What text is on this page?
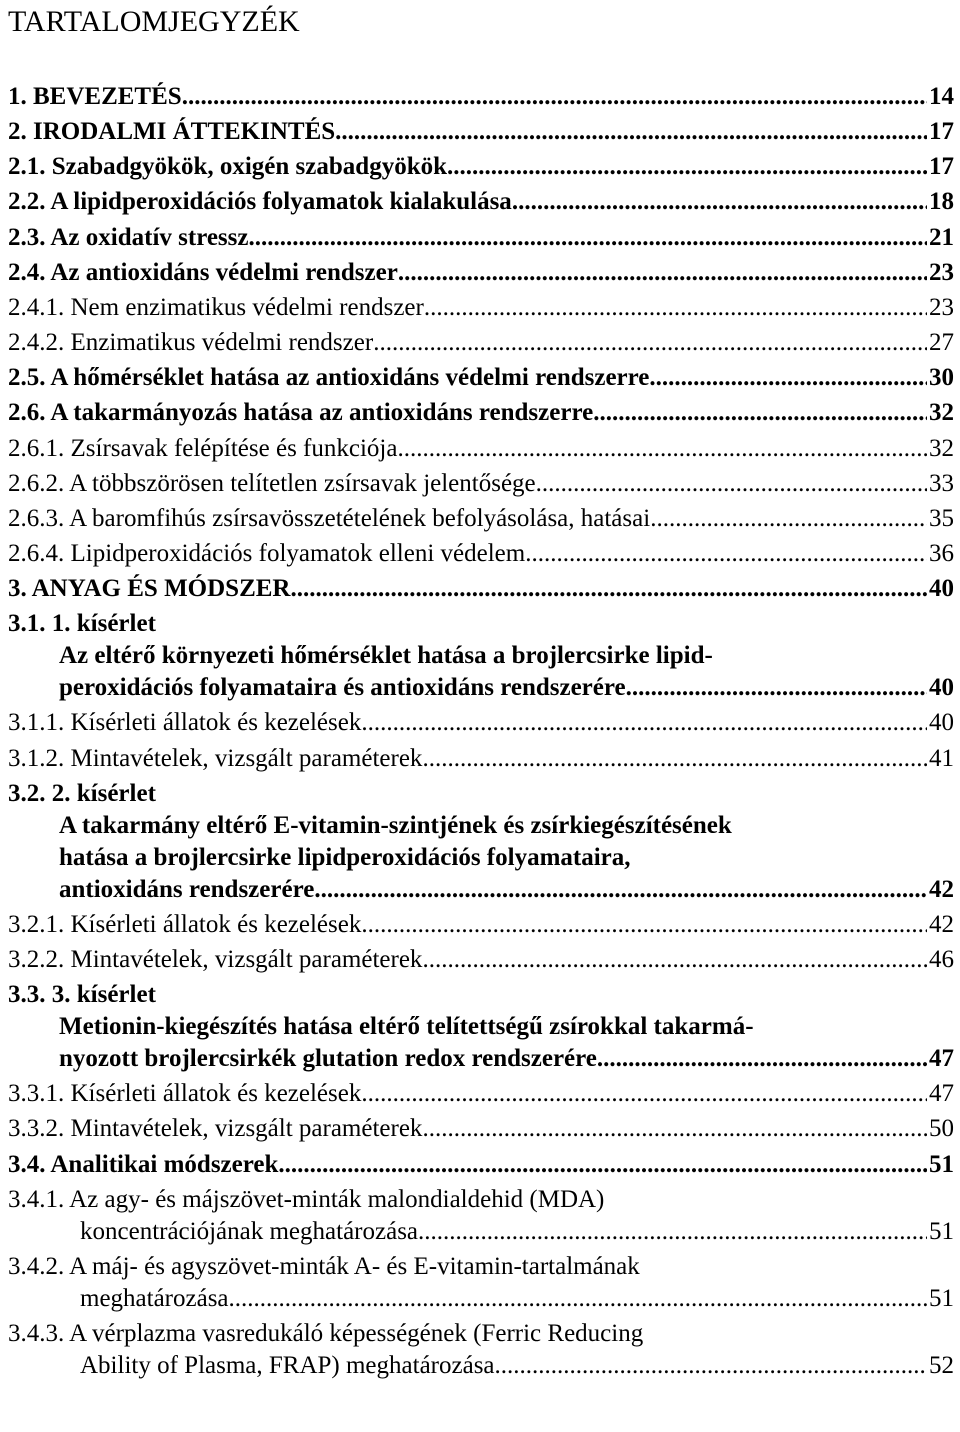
TARTALOMJEGYZÉK
1. BEVEZETÉS .....	14
2. IRODALMI ÁTTEKINTÉS .....	17
2.1. Szabadgyökök, oxigén szabadgyökök .....	17
2.2. A lipidperoxidációs folyamatok kialakulása .....	18
2.3. Az oxidatív stressz .....	21
2.4. Az antioxidáns védelmi rendszer .....	23
2.4.1. Nem enzimatikus védelmi rendszer .....	23
2.4.2. Enzimatikus védelmi rendszer .....	27
2.5. A hőmérséklet hatása az antioxidáns védelmi rendszerre .....	30
2.6. A takarmányozás hatása az antioxidáns rendszerre .....	32
2.6.1. Zsírsavak felépítése és funkciója .....	32
2.6.2. A többszörösen telítetlen zsírsavak jelentősége .....	33
2.6.3. A baromfihús zsírsavösszetételének befolyásolása, hatásai .....	35
2.6.4. Lipidperoxidációs folyamatok elleni védelem .....	36
3. ANYAG ÉS MÓDSZER .....	40
3.1. 1. kísérlet
Az eltérő környezeti hőmérséklet hatása a brojlercsirke lipid-
peroxidációs folyamataira és antioxidáns rendszerére .....	40
3.1.1. Kísérleti állatok és kezelések .....	40
3.1.2. Mintavételek, vizsgált paraméterek .....	41
3.2. 2. kísérlet
A takarmány eltérő E-vitamin-szintjének és zsírkiegészítésének
hatása a brojlercsirke lipidperoxidációs folyamataira,
antioxidáns rendszerére .....	42
3.2.1. Kísérleti állatok és kezelések .....	42
3.2.2. Mintavételek, vizsgált paraméterek .....	46
3.3. 3. kísérlet
Metionin-kiegészítés hatása eltérő telítettségű zsírokkal takarmá-
nyozott brojlercsirkék glutation redox rendszerére .....	47
3.3.1. Kísérleti állatok és kezelések .....	47
3.3.2. Mintavételek, vizsgált paraméterek .....	50
3.4. Analitikai módszerek .....	51
3.4.1. Az agy- és májszövet-minták malondialdehid (MDA)
koncentrációjának meghatározása .....	51
3.4.2. A máj- és agyszövet-minták A- és E-vitamin-tartalmának
meghatározása .....	51
3.4.3. A vérplazma vasredukáló képességének (Ferric Reducing
Ability of Plasma, FRAP) meghatározása .....	52
